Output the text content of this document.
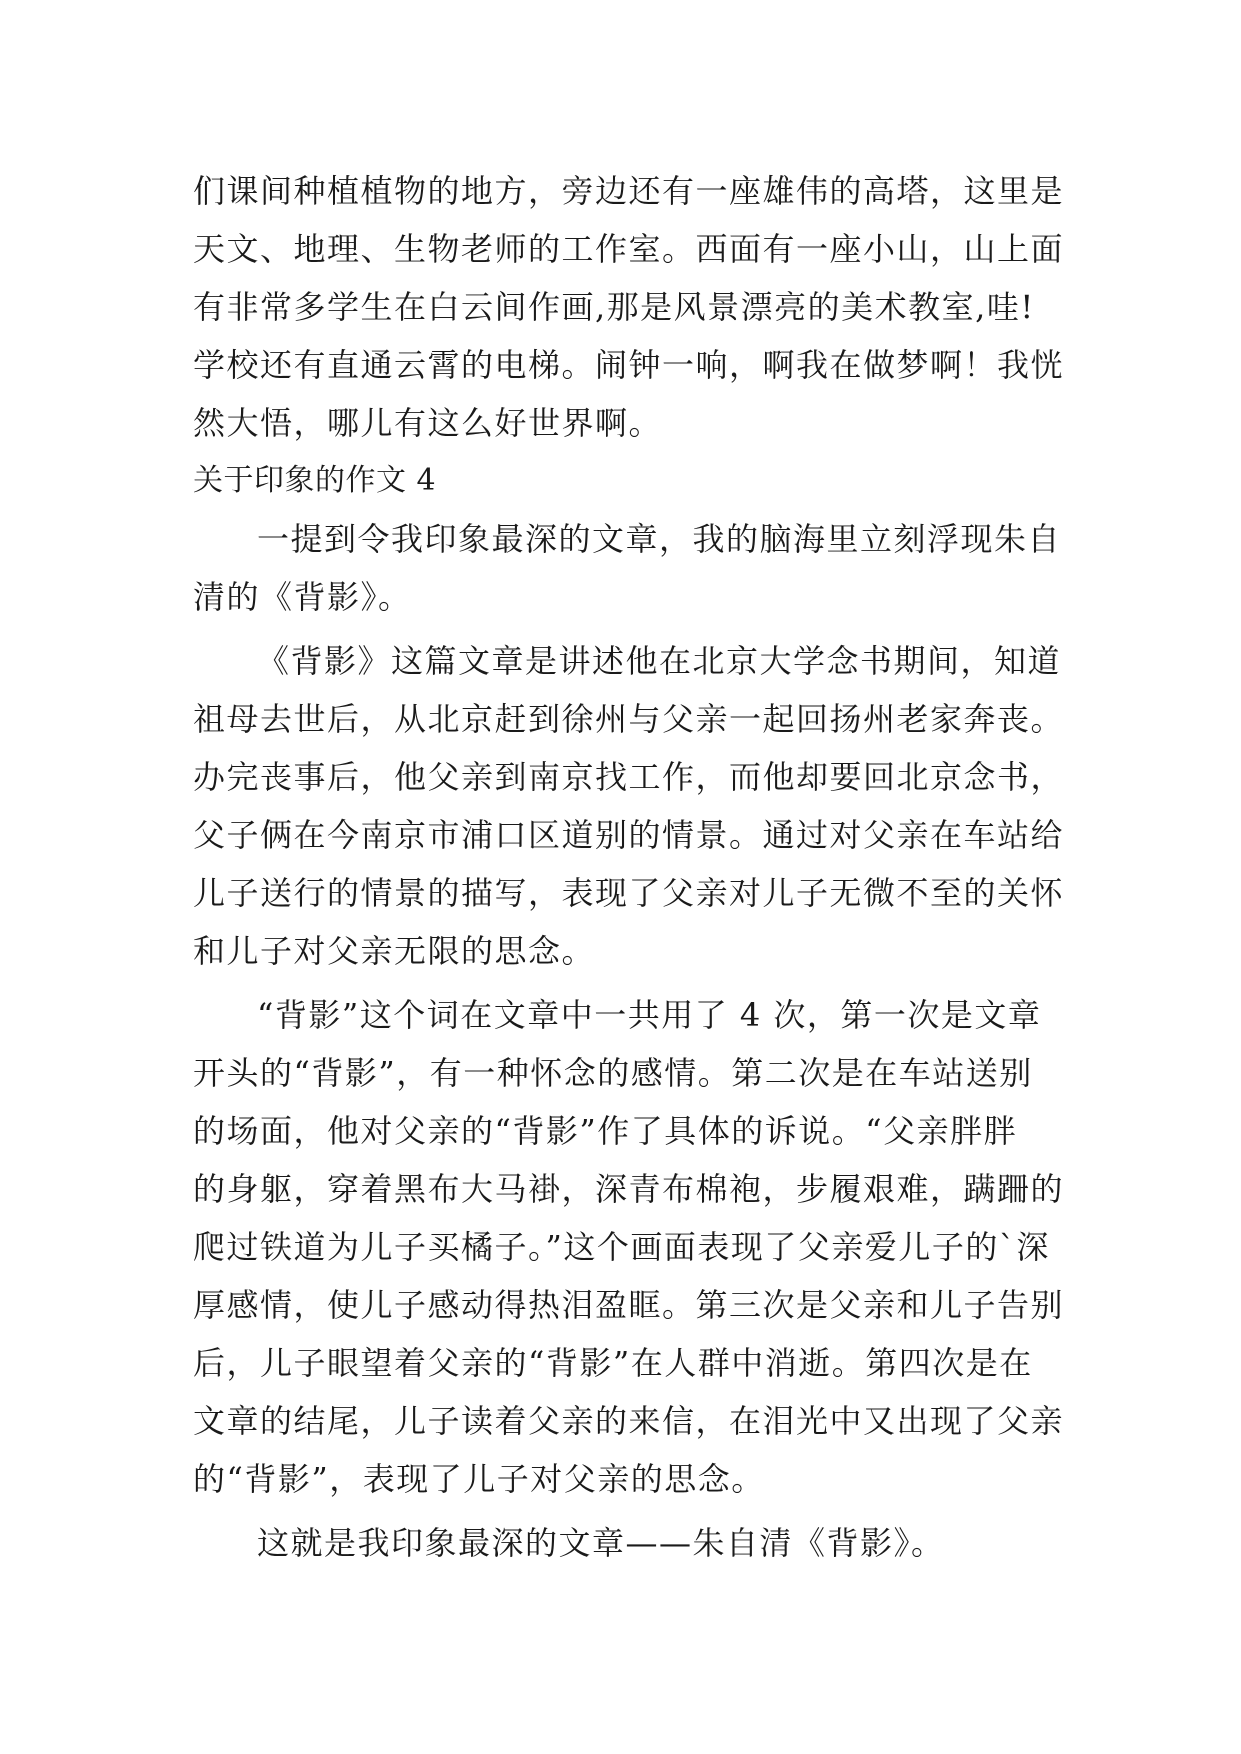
们课间种植植物的地方，旁边还有一座雄伟的高塔，这里是
天文、地理、生物老师的工作室。西面有一座小山，山上面
有非常多学生在白云间作画,那是风景漂亮的美术教室,哇!
学校还有直通云霄的电梯。闹钟一响，啊我在做梦啊！我恍
然大悟，哪儿有这么好世界啊。
关于印象的作文 4
一提到令我印象最深的文章，我的脑海里立刻浮现朱自
清的《背影》。
《背影》这篇文章是讲述他在北京大学念书期间，知道
祖母去世后，从北京赶到徐州与父亲一起回扬州老家奔丧。
办完丧事后，他父亲到南京找工作，而他却要回北京念书，
父子俩在今南京市浦口区道别的情景。通过对父亲在车站给
儿子送行的情景的描写，表现了父亲对儿子无微不至的关怀
和儿子对父亲无限的思念。
“背影”这个词在文章中一共用了 4 次，第一次是文章
开头的“背影”，有一种怀念的感情。第二次是在车站送别
的场面，他对父亲的“背影”作了具体的诉说。“父亲胖胖
的身躯，穿着黑布大马褂，深青布棉袍，步履艰难，蹒跚的
爬过铁道为儿子买橘子。”这个画面表现了父亲爱儿子的`深
厚感情，使儿子感动得热泪盈眶。第三次是父亲和儿子告别
后，儿子眼望着父亲的“背影”在人群中消逝。第四次是在
文章的结尾，儿子读着父亲的来信，在泪光中又出现了父亲
的“背影”，表现了儿子对父亲的思念。
这就是我印象最深的文章——朱自清《背影》。
